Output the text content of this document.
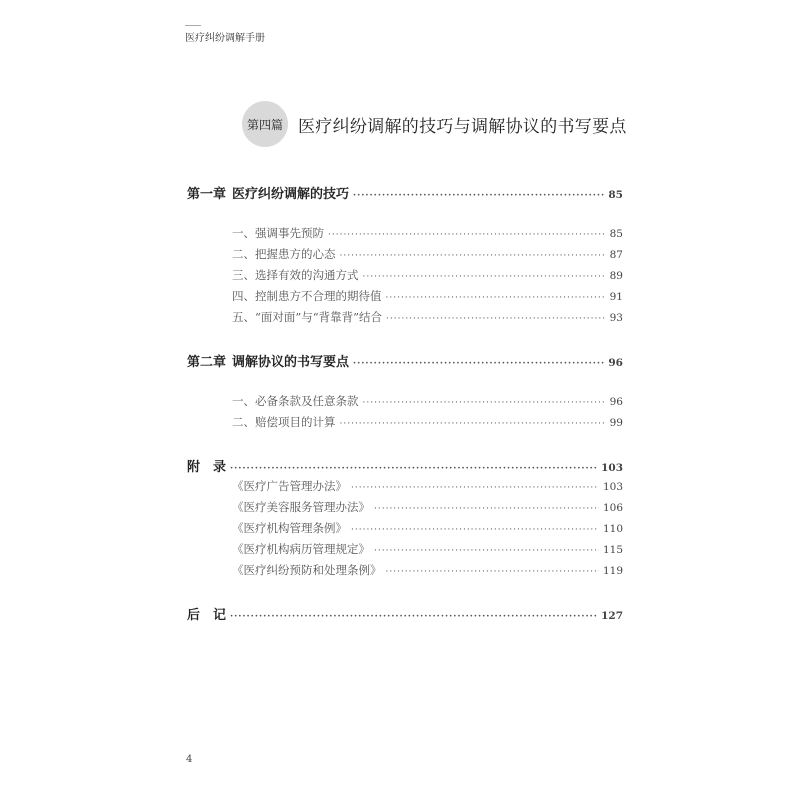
医疗纠纷调解手册
第四篇 医疗纠纷调解的技巧与调解协议的书写要点
第一章 医疗纠纷调解的技巧 ·····	85
一、强调事先预防 ·····	85
二、把握患方的心态 ·····	87
三、选择有效的沟通方式 ·····	89
四、控制患方不合理的期待值 ·····	91
五、“面对面”与“背靠背”结合 ·····	93
第二章 调解协议的书写要点 ·····	96
一、必备条款及任意条款 ·····	96
二、赔偿项目的计算 ·····	99
附　录 ·····	103
《医疗广告管理办法》 ·····	103
《医疗美容服务管理办法》 ·····	106
《医疗机构管理条例》 ·····	110
《医疗机构病历管理规定》 ·····	115
《医疗纠纷预防和处理条例》 ·····	119
后　记 ·····	127
4
